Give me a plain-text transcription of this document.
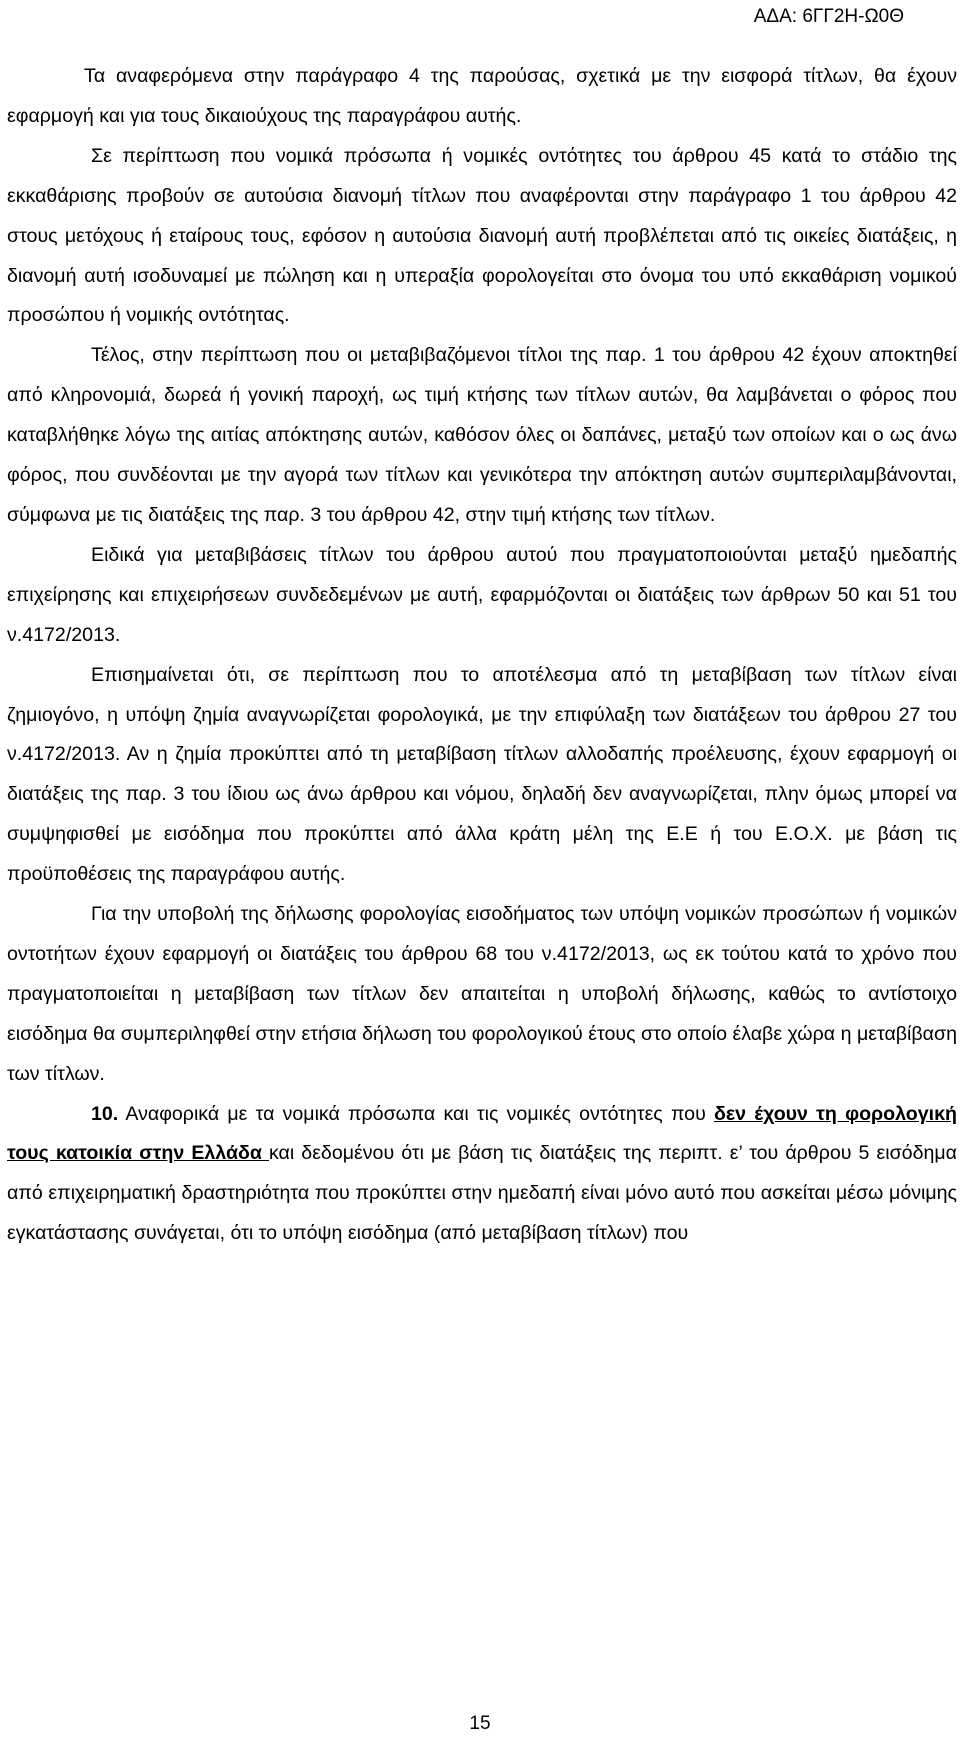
ΑΔΑ: 6ΓΓ2Η-Ω0Θ

Τα αναφερόμενα στην παράγραφο 4 της παρούσας, σχετικά με την εισφορά τίτλων, θα έχουν εφαρμογή και για τους δικαιούχους της παραγράφου αυτής.

Σε περίπτωση που νομικά πρόσωπα ή νομικές οντότητες του άρθρου 45 κατά το στάδιο της εκκαθάρισης προβούν σε αυτούσια διανομή τίτλων που αναφέρονται στην παράγραφο 1 του άρθρου 42 στους μετόχους ή εταίρους τους, εφόσον η αυτούσια διανομή αυτή προβλέπεται από τις οικείες διατάξεις, η διανομή αυτή ισοδυναμεί με πώληση και η υπεραξία φορολογείται στο όνομα του υπό εκκαθάριση νομικού προσώπου ή νομικής οντότητας.

Τέλος, στην περίπτωση που οι μεταβιβαζόμενοι τίτλοι της παρ. 1 του άρθρου 42 έχουν αποκτηθεί από κληρονομιά, δωρεά ή γονική παροχή, ως τιμή κτήσης των τίτλων αυτών, θα λαμβάνεται ο φόρος που καταβλήθηκε λόγω της αιτίας απόκτησης αυτών, καθόσον όλες οι δαπάνες, μεταξύ των οποίων και ο ως άνω φόρος, που συνδέονται με την αγορά των τίτλων και γενικότερα την απόκτηση αυτών συμπεριλαμβάνονται, σύμφωνα με τις διατάξεις της παρ. 3 του άρθρου 42, στην τιμή κτήσης των τίτλων.

Ειδικά για μεταβιβάσεις τίτλων του άρθρου αυτού που πραγματοποιούνται μεταξύ ημεδαπής επιχείρησης και επιχειρήσεων συνδεδεμένων με αυτή, εφαρμόζονται οι διατάξεις των άρθρων 50 και 51 του ν.4172/2013.

Επισημαίνεται ότι, σε περίπτωση που το αποτέλεσμα από τη μεταβίβαση των τίτλων είναι ζημιογόνο, η υπόψη ζημία αναγνωρίζεται φορολογικά, με την επιφύλαξη των διατάξεων του άρθρου 27 του ν.4172/2013. Αν η ζημία προκύπτει από τη μεταβίβαση τίτλων αλλοδαπής προέλευσης, έχουν εφαρμογή οι διατάξεις της παρ. 3 του ίδιου ως άνω άρθρου και νόμου, δηλαδή δεν αναγνωρίζεται, πλην όμως μπορεί να συμψηφισθεί με εισόδημα που προκύπτει από άλλα κράτη μέλη της Ε.Ε ή του Ε.Ο.Χ. με βάση τις προϋποθέσεις της παραγράφου αυτής.

Για την υποβολή της δήλωσης φορολογίας εισοδήματος των υπόψη νομικών προσώπων ή νομικών οντοτήτων έχουν εφαρμογή οι διατάξεις του άρθρου 68 του ν.4172/2013, ως εκ τούτου κατά το χρόνο που πραγματοποιείται η μεταβίβαση των τίτλων δεν απαιτείται η υποβολή δήλωσης, καθώς το αντίστοιχο εισόδημα θα συμπεριληφθεί στην ετήσια δήλωση του φορολογικού έτους στο οποίο έλαβε χώρα η μεταβίβαση των τίτλων.

10. Αναφορικά με τα νομικά πρόσωπα και τις νομικές οντότητες που δεν έχουν τη φορολογική τους κατοικία στην Ελλάδα και δεδομένου ότι με βάση τις διατάξεις της περιπτ. ε’ του άρθρου 5 εισόδημα από επιχειρηματική δραστηριότητα που προκύπτει στην ημεδαπή είναι μόνο αυτό που ασκείται μέσω μόνιμης εγκατάστασης συνάγεται, ότι το υπόψη εισόδημα (από μεταβίβαση τίτλων) που

15
